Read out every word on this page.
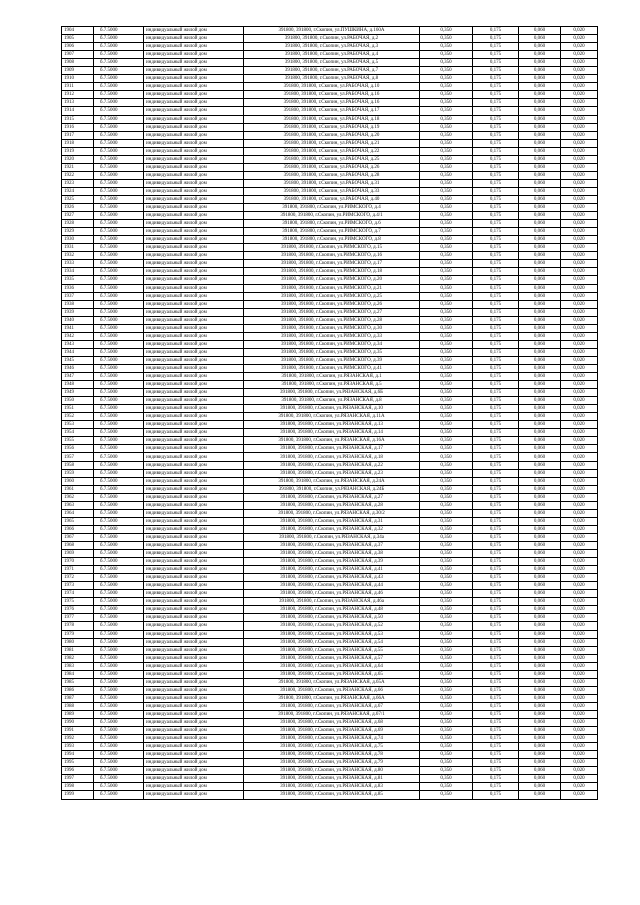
1904	б.7.5000	индивидуальный жилой дом	391800, 391800, г.Скопин, ул.ПУШКИНА, д.160А	0,350	0,175	0,060	0,020
1905	б.7.5000	индивидуальный жилой дом	391800, 391800, г.Скопин, ул.РАБОЧАЯ, д.2	0,350	0,175	0,060	0,020
1906	б.7.5000	индивидуальный жилой дом	391800, 391800, г.Скопин, ул.РАБОЧАЯ, д.3	0,350	0,175	0,060	0,020
1907	б.7.5000	индивидуальный жилой дом	391800, 391800, г.Скопин, ул.РАБОЧАЯ, д.4	0,350	0,175	0,060	0,020
1908	б.7.5000	индивидуальный жилой дом	391800, 391800, г.Скопин, ул.РАБОЧАЯ, д.5	0,350	0,175	0,060	0,020
1909	б.7.5000	индивидуальный жилой дом	391800, 391800, г.Скопин, ул.РАБОЧАЯ, д.7	0,350	0,175	0,060	0,020
1910	б.7.5000	индивидуальный жилой дом	391800, 391800, г.Скопин, ул.РАБОЧАЯ, д.8	0,350	0,175	0,060	0,020
1911	б.7.5000	индивидуальный жилой дом	391800, 391800, г.Скопин, ул.РАБОЧАЯ, д.10	0,350	0,175	0,060	0,020
1912	б.7.5000	индивидуальный жилой дом	391800, 391800, г.Скопин, ул.РАБОЧАЯ, д.16	0,350	0,175	0,060	0,020
1913	б.7.5000	индивидуальный жилой дом	391800, 391800, г.Скопин, ул.РАБОЧАЯ, д.16	0,350	0,175	0,060	0,020
1914	б.7.5000	индивидуальный жилой дом	391800, 391800, г.Скопин, ул.РАБОЧАЯ, д.17	0,350	0,175	0,060	0,020
1915	б.7.5000	индивидуальный жилой дом	391800, 391800, г.Скопин, ул.РАБОЧАЯ, д.18	0,350	0,175	0,060	0,020
1916	б.7.5000	индивидуальный жилой дом	391800, 391800, г.Скопин, ул.РАБОЧАЯ, д.19	0,350	0,175	0,060	0,020
1917	б.7.5000	индивидуальный жилой дом	391800, 391800, г.Скопин, ул.РАБОЧАЯ, д.20	0,350	0,175	0,060	0,020
1918	б.7.5000	индивидуальный жилой дом	391800, 391800, г.Скопин, ул.РАБОЧАЯ, д.21	0,350	0,175	0,060	0,020
1919	б.7.5000	индивидуальный жилой дом	391800, 391800, г.Скопин, ул.РАБОЧАЯ, д.22	0,350	0,175	0,060	0,020
1920	б.7.5000	индивидуальный жилой дом	391800, 391800, г.Скопин, ул.РАБОЧАЯ, д.25	0,350	0,175	0,060	0,020
1921	б.7.5000	индивидуальный жилой дом	391800, 391800, г.Скопин, ул.РАБОЧАЯ, д.26	0,350	0,175	0,060	0,020
1922	б.7.5000	индивидуальный жилой дом	391800, 391800, г.Скопин, ул.РАБОЧАЯ, д.28	0,350	0,175	0,060	0,020
1923	б.7.5000	индивидуальный жилой дом	391800, 391800, г.Скопин, ул.РАБОЧАЯ, д.31	0,350	0,175	0,060	0,020
1924	б.7.5000	индивидуальный жилой дом	391800, 391800, г.Скопин, ул.РАБОЧАЯ, д.33	0,350	0,175	0,060	0,020
1925	б.7.5000	индивидуальный жилой дом	391800, 391800, г.Скопин, ул.РАБОЧАЯ, д.40	0,350	0,175	0,060	0,020
1926	б.7.5000	индивидуальный жилой дом	391800, 391800, г.Скопин, ул.РИМСКОГО, д.4	0,350	0,175	0,060	0,020
1927	б.7.5000	индивидуальный жилой дом	391800, 391800, г.Скопин, ул.РИМСКОГО, д.4/1	0,350	0,175	0,060	0,020
1928	б.7.5000	индивидуальный жилой дом	391800, 391800, г.Скопин, ул.РИМСКОГО, д.6	0,350	0,175	0,060	0,020
1929	б.7.5000	индивидуальный жилой дом	391800, 391800, г.Скопин, ул.РИМСКОГО, д.7	0,350	0,175	0,060	0,020
1930	б.7.5000	индивидуальный жилой дом	391800, 391800, г.Скопин, ул.РИМСКОГО, д.8	0,350	0,175	0,060	0,020
1931	б.7.5000	индивидуальный жилой дом	391800, 391800, г.Скопин, ул.РИМСКОГО, д.15	0,350	0,175	0,060	0,020
1932	б.7.5000	индивидуальный жилой дом	391800, 391800, г.Скопин, ул.РИМСКОГО, д.16	0,350	0,175	0,060	0,020
1933	б.7.5000	индивидуальный жилой дом	391800, 391800, г.Скопин, ул.РИМСКОГО, д.17	0,350	0,175	0,060	0,020
1934	б.7.5000	индивидуальный жилой дом	391800, 391800, г.Скопин, ул.РИМСКОГО, д.18	0,350	0,175	0,060	0,020
1935	б.7.5000	индивидуальный жилой дом	391800, 391800, г.Скопин, ул.РИМСКОГО, д.20	0,350	0,175	0,060	0,020
1936	б.7.5000	индивидуальный жилой дом	391800, 391800, г.Скопин, ул.РИМСКОГО, д.21	0,350	0,175	0,060	0,020
1937	б.7.5000	индивидуальный жилой дом	391800, 391800, г.Скопин, ул.РИМСКОГО, д.25	0,350	0,175	0,060	0,020
1938	б.7.5000	индивидуальный жилой дом	391800, 391800, г.Скопин, ул.РИМСКОГО, д.26	0,350	0,175	0,060	0,020
1939	б.7.5000	индивидуальный жилой дом	391800, 391800, г.Скопин, ул.РИМСКОГО, д.27	0,350	0,175	0,060	0,020
1940	б.7.5000	индивидуальный жилой дом	391800, 391800, г.Скопин, ул.РИМСКОГО, д.28	0,350	0,175	0,060	0,020
1941	б.7.5000	индивидуальный жилой дом	391800, 391800, г.Скопин, ул.РИМСКОГО, д.30	0,350	0,175	0,060	0,020
1942	б.7.5000	индивидуальный жилой дом	391800, 391800, г.Скопин, ул.РИМСКОГО, д.33	0,350	0,175	0,060	0,020
1943	б.7.5000	индивидуальный жилой дом	391800, 391800, г.Скопин, ул.РИМСКОГО, д.34	0,350	0,175	0,060	0,020
1944	б.7.5000	индивидуальный жилой дом	391800, 391800, г.Скопин, ул.РИМСКОГО, д.35	0,350	0,175	0,060	0,020
1945	б.7.5000	индивидуальный жилой дом	391800, 391800, г.Скопин, ул.РИМСКОГО, д.39	0,350	0,175	0,060	0,020
1946	б.7.5000	индивидуальный жилой дом	391800, 391800, г.Скопин, ул.РИМСКОГО, д.41	0,350	0,175	0,060	0,020
1947	б.7.5000	индивидуальный жилой дом	391800, 391800, г.Скопин, ул.РЯЗАНСКАЯ, д.1	0,350	0,175	0,060	0,020
1948	б.7.5000	индивидуальный жилой дом	391800, 391800, г.Скопин, ул.РЯЗАНСКАЯ, д.5	0,350	0,175	0,060	0,020
1949	б.7.5000	индивидуальный жилой дом	391800, 391800, г.Скопин, ул.РЯЗАНСКАЯ, д.6Б	0,350	0,175	0,060	0,020
1950	б.7.5000	индивидуальный жилой дом	391800, 391800, г.Скопин, ул.РЯЗАНСКАЯ, д.8	0,350	0,175	0,060	0,020
1951	б.7.5000	индивидуальный жилой дом	391800, 391800, г.Скопин, ул.РЯЗАНСКАЯ, д.10	0,350	0,175	0,060	0,020
1952	б.7.5000	индивидуальный жилой дом	391800, 391800, г.Скопин, ул.РЯЗАНСКАЯ, д.11А	0,350	0,175	0,060	0,020
1953	б.7.5000	индивидуальный жилой дом	391800, 391800, г.Скопин, ул.РЯЗАНСКАЯ, д.13	0,350	0,175	0,060	0,020
1954	б.7.5000	индивидуальный жилой дом	391800, 391800, г.Скопин, ул.РЯЗАНСКАЯ, д.14	0,350	0,175	0,060	0,020
1955	б.7.5000	индивидуальный жилой дом	391800, 391800, г.Скопин, ул.РЯЗАНСКАЯ, д.16А	0,350	0,175	0,060	0,020
1956	б.7.5000	индивидуальный жилой дом	391800, 391800, г.Скопин, ул.РЯЗАНСКАЯ, д.17	0,350	0,175	0,060	0,020
1957	б.7.5000	индивидуальный жилой дом	391800, 391800, г.Скопин, ул.РЯЗАНСКАЯ, д.18	0,350	0,175	0,060	0,020
1958	б.7.5000	индивидуальный жилой дом	391800, 391800, г.Скопин, ул.РЯЗАНСКАЯ, д.22	0,350	0,175	0,060	0,020
1959	б.7.5000	индивидуальный жилой дом	391800, 391800, г.Скопин, ул.РЯЗАНСКАЯ, д.23	0,350	0,175	0,060	0,020
1960	б.7.5000	индивидуальный жилой дом	391800, 391800, г.Скопин, ул.РЯЗАНСКАЯ, д.24А	0,350	0,175	0,060	0,020
1961	б.7.5000	индивидуальный жилой дом	391800, 391800, г.Скопин, ул.РЯЗАНСКАЯ, д.24Б	0,350	0,175	0,060	0,020
1962	б.7.5000	индивидуальный жилой дом	391800, 391800, г.Скопин, ул.РЯЗАНСКАЯ, д.27	0,350	0,175	0,060	0,020
1963	б.7.5000	индивидуальный жилой дом	391800, 391800, г.Скопин, ул.РЯЗАНСКАЯ, д.28	0,350	0,175	0,060	0,020
1964	б.7.5000	индивидуальный жилой дом	391800, 391800, г.Скопин, ул.РЯЗАНСКАЯ, д.30/2	0,350	0,175	0,060	0,020
1965	б.7.5000	индивидуальный жилой дом	391800, 391800, г.Скопин, ул.РЯЗАНСКАЯ, д.31	0,350	0,175	0,060	0,020
1966	б.7.5000	индивидуальный жилой дом	391800, 391800, г.Скопин, ул.РЯЗАНСКАЯ, д.32	0,350	0,175	0,060	0,020
1967	б.7.5000	индивидуальный жилой дом	391800, 391800, г.Скопин, ул.РЯЗАНСКАЯ, д.34а	0,350	0,175	0,060	0,020
1968	б.7.5000	индивидуальный жилой дом	391800, 391800, г.Скопин, ул.РЯЗАНСКАЯ, д.37	0,350	0,175	0,060	0,020
1969	б.7.5000	индивидуальный жилой дом	391800, 391800, г.Скопин, ул.РЯЗАНСКАЯ, д.38	0,350	0,175	0,060	0,020
1970	б.7.5000	индивидуальный жилой дом	391800, 391800, г.Скопин, ул.РЯЗАНСКАЯ, д.39	0,350	0,175	0,060	0,020
1971	б.7.5000	индивидуальный жилой дом	391800, 391800, г.Скопин, ул.РЯЗАНСКАЯ, д.41	0,350	0,175	0,060	0,020
1972	б.7.5000	индивидуальный жилой дом	391800, 391800, г.Скопин, ул.РЯЗАНСКАЯ, д.43	0,350	0,175	0,060	0,020
1973	б.7.5000	индивидуальный жилой дом	391800, 391800, г.Скопин, ул.РЯЗАНСКАЯ, д.44	0,350	0,175	0,060	0,020
1974	б.7.5000	индивидуальный жилой дом	391800, 391800, г.Скопин, ул.РЯЗАНСКАЯ, д.46	0,350	0,175	0,060	0,020
1975	б.7.5000	индивидуальный жилой дом	391800, 391800, г.Скопин, ул.РЯЗАНСКАЯ, д.46а	0,350	0,175	0,060	0,020
1976	б.7.5000	индивидуальный жилой дом	391800, 391800, г.Скопин, ул.РЯЗАНСКАЯ, д.48	0,350	0,175	0,060	0,020
1977	б.7.5000	индивидуальный жилой дом	391800, 391800, г.Скопин, ул.РЯЗАНСКАЯ, д.50	0,350	0,175	0,060	0,020
1978	б.7.5000	индивидуальный жилой дом	391800, 391800, г.Скопин, ул.РЯЗАНСКАЯ, д.52	0,350	0,175	0,060	0,020
1979	б.7.5000	индивидуальный жилой дом	391800, 391800, г.Скопин, ул.РЯЗАНСКАЯ, д.53	0,350	0,175	0,060	0,020
1980	б.7.5000	индивидуальный жилой дом	391800, 391800, г.Скопин, ул.РЯЗАНСКАЯ, д.54	0,350	0,175	0,060	0,020
1981	б.7.5000	индивидуальный жилой дом	391800, 391800, г.Скопин, ул.РЯЗАНСКАЯ, д.55	0,350	0,175	0,060	0,020
1982	б.7.5000	индивидуальный жилой дом	391800, 391800, г.Скопин, ул.РЯЗАНСКАЯ, д.57	0,350	0,175	0,060	0,020
1983	б.7.5000	индивидуальный жилой дом	391800, 391800, г.Скопин, ул.РЯЗАНСКАЯ, д.64	0,350	0,175	0,060	0,020
1984	б.7.5000	индивидуальный жилой дом	391800, 391800, г.Скопин, ул.РЯЗАНСКАЯ, д.65	0,350	0,175	0,060	0,020
1985	б.7.5000	индивидуальный жилой дом	391800, 391800, г.Скопин, ул.РЯЗАНСКАЯ, д.65А	0,350	0,175	0,060	0,020
1986	б.7.5000	индивидуальный жилой дом	391800, 391800, г.Скопин, ул.РЯЗАНСКАЯ, д.66	0,350	0,175	0,060	0,020
1987	б.7.5000	индивидуальный жилой дом	391800, 391800, г.Скопин, ул.РЯЗАНСКАЯ, д.66А	0,350	0,175	0,060	0,020
1988	б.7.5000	индивидуальный жилой дом	391800, 391800, г.Скопин, ул.РЯЗАНСКАЯ, д.67	0,350	0,175	0,060	0,020
1989	б.7.5000	индивидуальный жилой дом	391800, 391800, г.Скопин, ул.РЯЗАНСКАЯ, д.67/1	0,350	0,175	0,060	0,020
1990	б.7.5000	индивидуальный жилой дом	391800, 391800, г.Скопин, ул.РЯЗАНСКАЯ, д.68	0,350	0,175	0,060	0,020
1991	б.7.5000	индивидуальный жилой дом	391800, 391800, г.Скопин, ул.РЯЗАНСКАЯ, д.69	0,350	0,175	0,060	0,020
1992	б.7.5000	индивидуальный жилой дом	391800, 391800, г.Скопин, ул.РЯЗАНСКАЯ, д.74	0,350	0,175	0,060	0,020
1993	б.7.5000	индивидуальный жилой дом	391800, 391800, г.Скопин, ул.РЯЗАНСКАЯ, д.75	0,350	0,175	0,060	0,020
1994	б.7.5000	индивидуальный жилой дом	391800, 391800, г.Скопин, ул.РЯЗАНСКАЯ, д.78	0,350	0,175	0,060	0,020
1995	б.7.5000	индивидуальный жилой дом	391800, 391800, г.Скопин, ул.РЯЗАНСКАЯ, д.79	0,350	0,175	0,060	0,020
1996	б.7.5000	индивидуальный жилой дом	391800, 391800, г.Скопин, ул.РЯЗАНСКАЯ, д.80	0,350	0,175	0,060	0,020
1997	б.7.5000	индивидуальный жилой дом	391800, 391800, г.Скопин, ул.РЯЗАНСКАЯ, д.81	0,350	0,175	0,060	0,020
1998	б.7.5000	индивидуальный жилой дом	391800, 391800, г.Скопин, ул.РЯЗАНСКАЯ, д.83	0,350	0,175	0,060	0,020
1999	б.7.5000	индивидуальный жилой дом	391800, 391800, г.Скопин, ул.РЯЗАНСКАЯ, д.85	0,350	0,175	0,060	0,020
